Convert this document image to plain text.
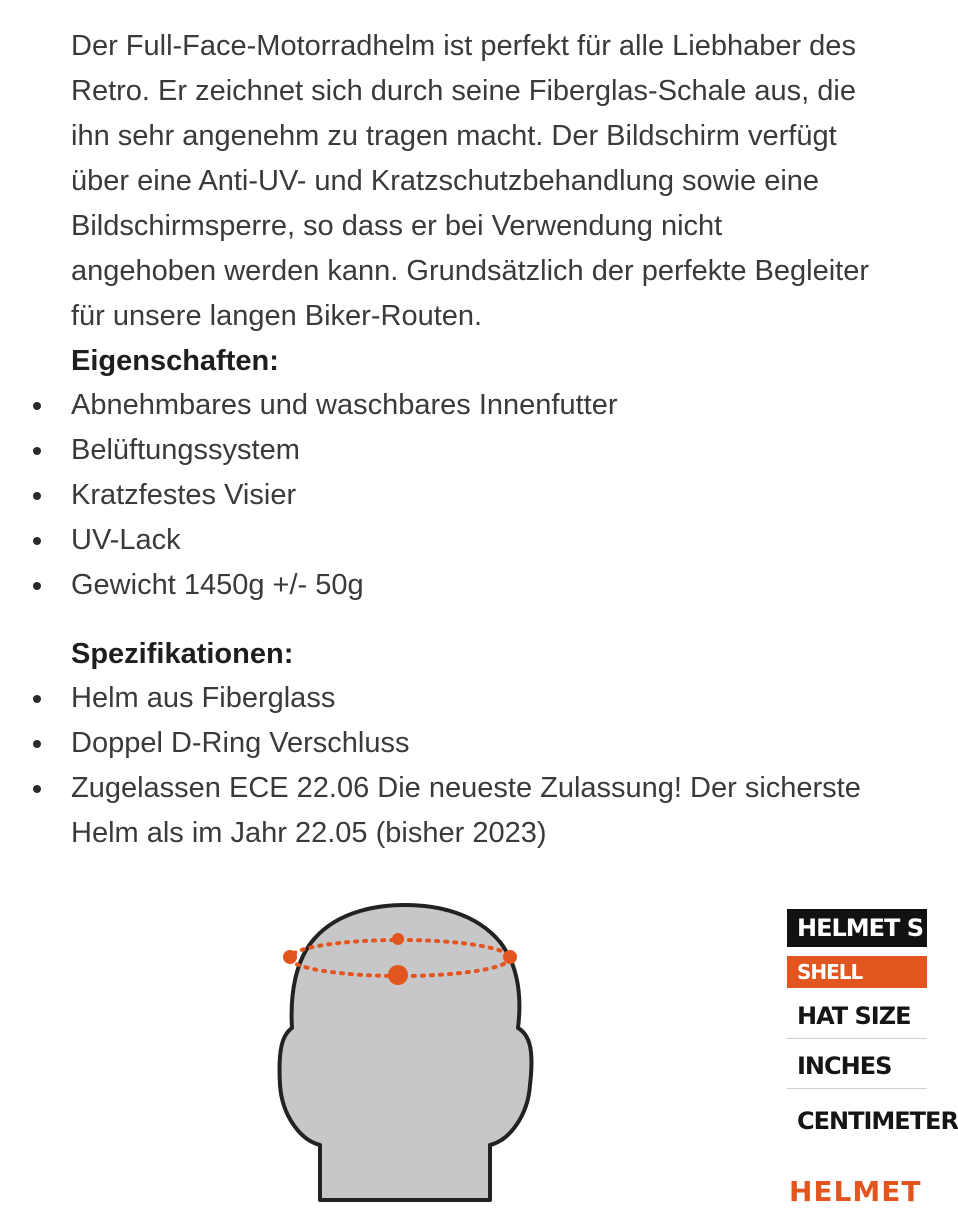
Der Full-Face-Motorradhelm ist perfekt für alle Liebhaber des Retro. Er zeichnet sich durch seine Fiberglas-Schale aus, die ihn sehr angenehm zu tragen macht. Der Bildschirm verfügt über eine Anti-UV- und Kratzschutzbehandlung sowie eine Bildschirmsperre, so dass er bei Verwendung nicht angehoben werden kann. Grundsätzlich der perfekte Begleiter für unsere langen Biker-Routen.

Eigenschaften:

Abnehmbares und waschbares Innenfutter
Belüftungssystem
Kratzfestes Visier
UV-Lack
Gewicht 1450g +/- 50g

Spezifikationen:

Helm aus Fiberglass
Doppel D-Ring Verschluss
Zugelassen ECE 22.06 Die neueste Zulassung! Der sicherste Helm als im Jahr 22.05 (bisher 2023)
HELMET S
SHELL
HAT SIZE
INCHES
CENTIMETER
HELMET
